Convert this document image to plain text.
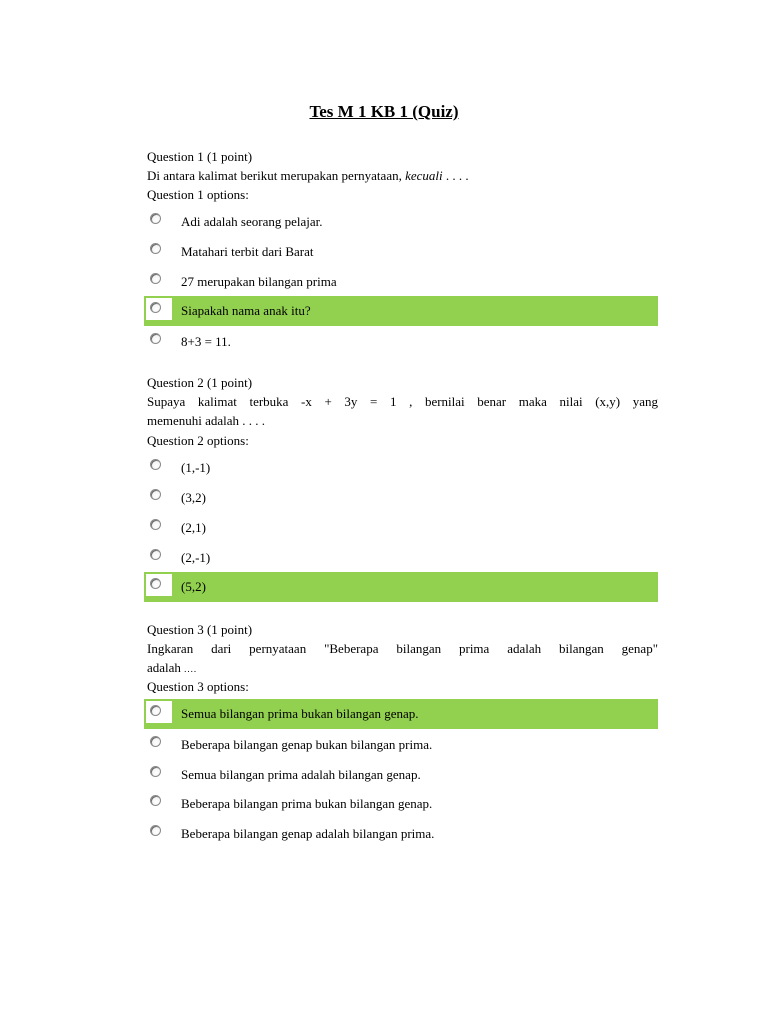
Tes M 1 KB 1 (Quiz)
Question 1 (1 point)
Di antara kalimat berikut merupakan pernyataan, kecuali . . . .
Question 1 options:
Adi adalah seorang pelajar.
Matahari terbit dari Barat
27 merupakan bilangan prima
Siapakah nama anak itu?
8+3 = 11.
Question 2 (1 point)
Supaya kalimat terbuka -x + 3y = 1 , bernilai benar maka nilai (x,y) yang
memenuhi adalah . . . .
Question 2 options:
(1,-1)
(3,2)
(2,1)
(2,-1)
(5,2)
Question 3 (1 point)
Ingkaran dari pernyataan "Beberapa bilangan prima adalah bilangan genap"
adalah ....
Question 3 options:
Semua bilangan prima bukan bilangan genap.
Beberapa bilangan genap bukan bilangan prima.
Semua bilangan prima adalah bilangan genap.
Beberapa bilangan prima bukan bilangan genap.
Beberapa bilangan genap adalah bilangan prima.
